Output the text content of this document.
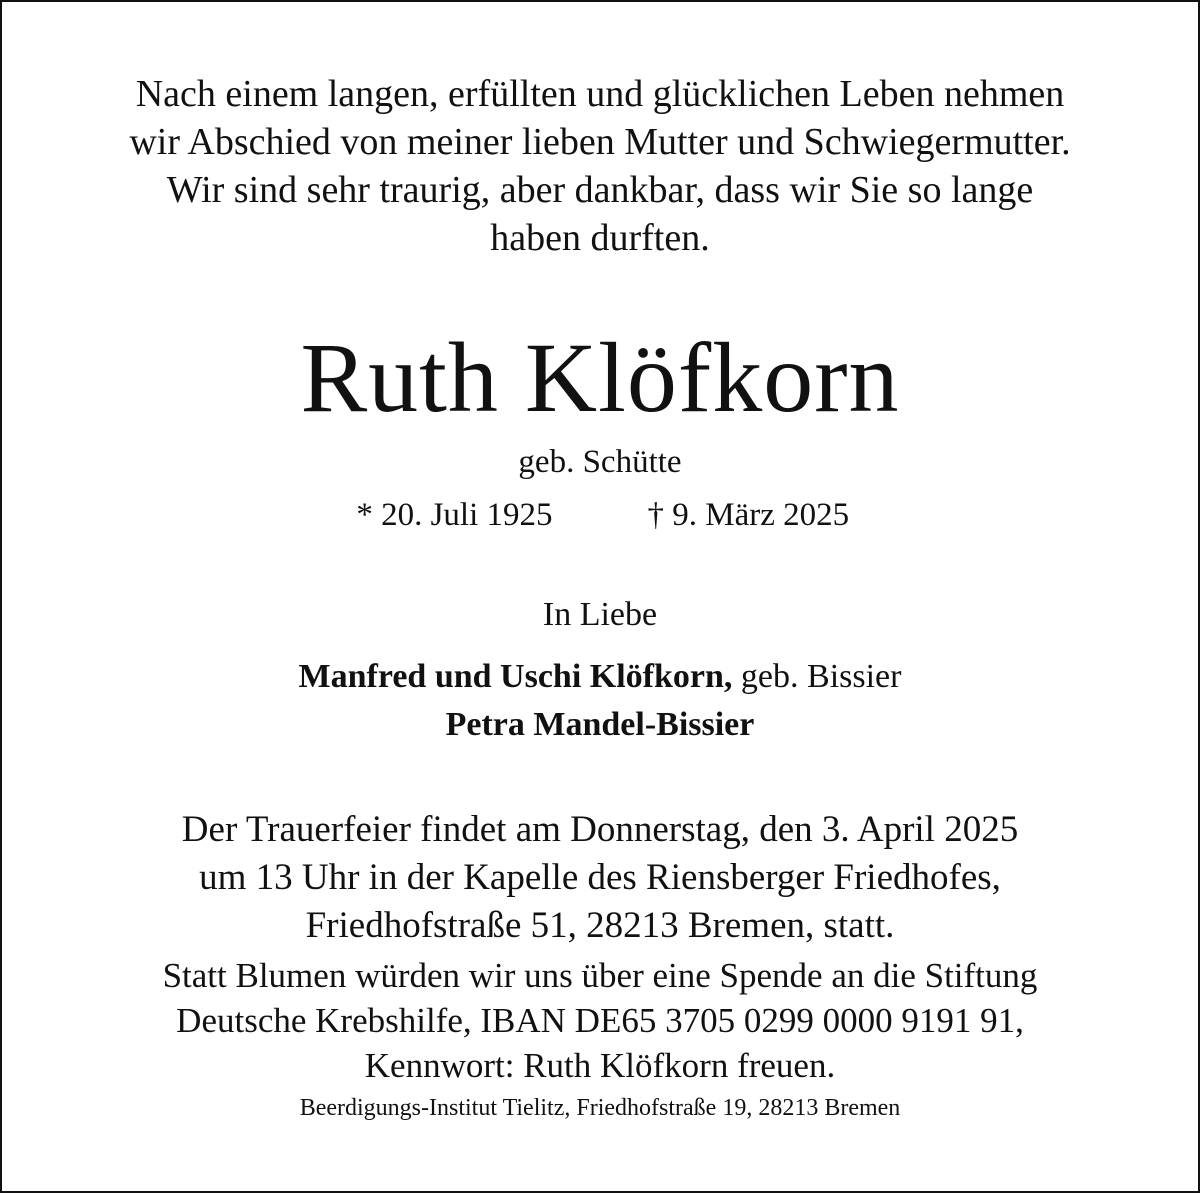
Nach einem langen, erfüllten und glücklichen Leben nehmen
wir Abschied von meiner lieben Mutter und Schwiegermutter.
Wir sind sehr traurig, aber dankbar, dass wir Sie so lange
haben durften.
Ruth Klöfkorn
geb. Schütte
* 20. Juli 1925	† 9. März 2025
In Liebe
Manfred und Uschi Klöfkorn, geb. Bissier
Petra Mandel-Bissier
Der Trauerfeier findet am Donnerstag, den 3. April 2025
um 13 Uhr in der Kapelle des Riensberger Friedhofes,
Friedhofstraße 51, 28213 Bremen, statt.
Statt Blumen würden wir uns über eine Spende an die Stiftung
Deutsche Krebshilfe, IBAN DE65 3705 0299 0000 9191 91,
Kennwort: Ruth Klöfkorn freuen.
Beerdigungs-Institut Tielitz, Friedhofstraße 19, 28213 Bremen
